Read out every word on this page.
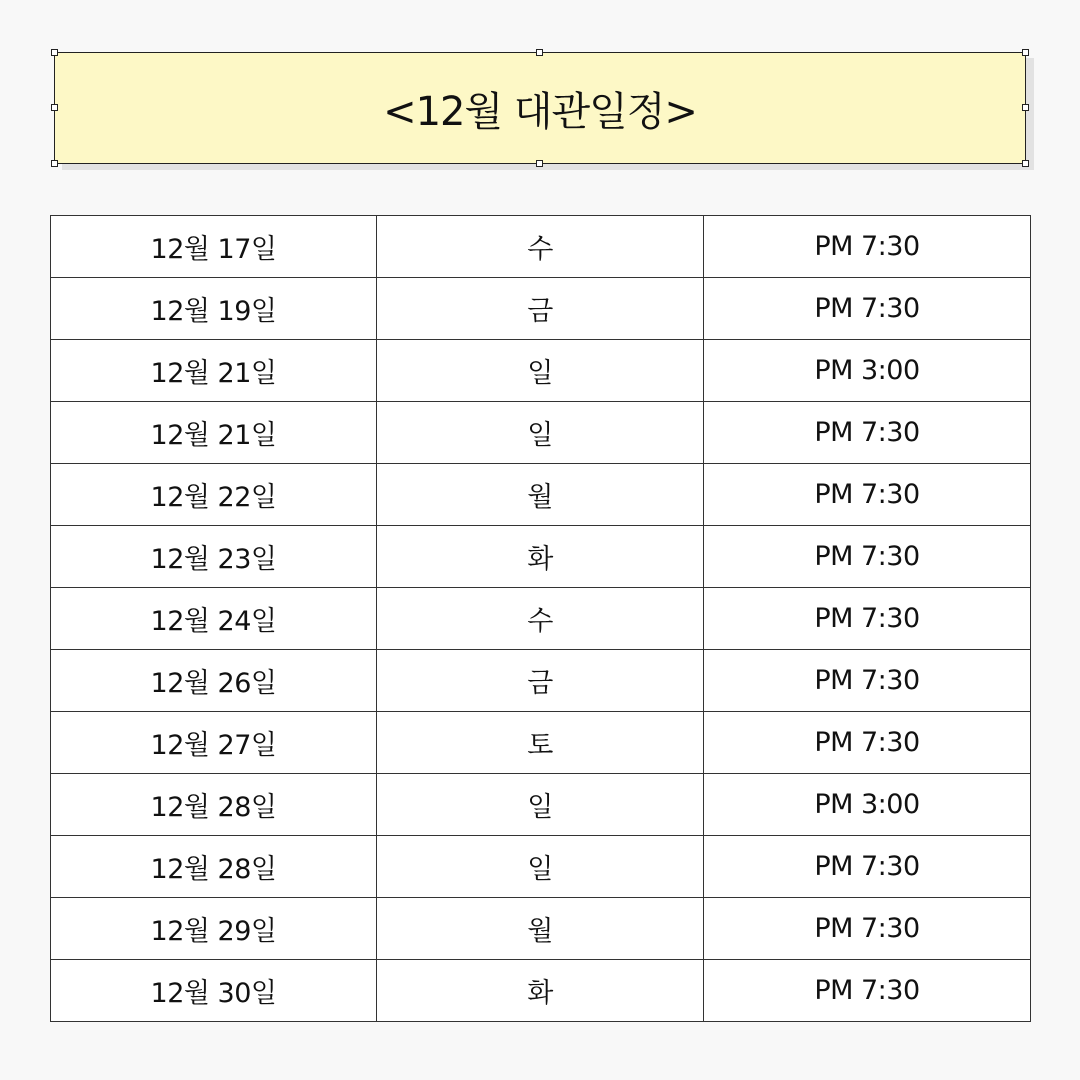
<12월 대관일정>
12월 17일	수	PM 7:30
12월 19일	금	PM 7:30
12월 21일	일	PM 3:00
12월 21일	일	PM 7:30
12월 22일	월	PM 7:30
12월 23일	화	PM 7:30
12월 24일	수	PM 7:30
12월 26일	금	PM 7:30
12월 27일	토	PM 7:30
12월 28일	일	PM 3:00
12월 28일	일	PM 7:30
12월 29일	월	PM 7:30
12월 30일	화	PM 7:30
